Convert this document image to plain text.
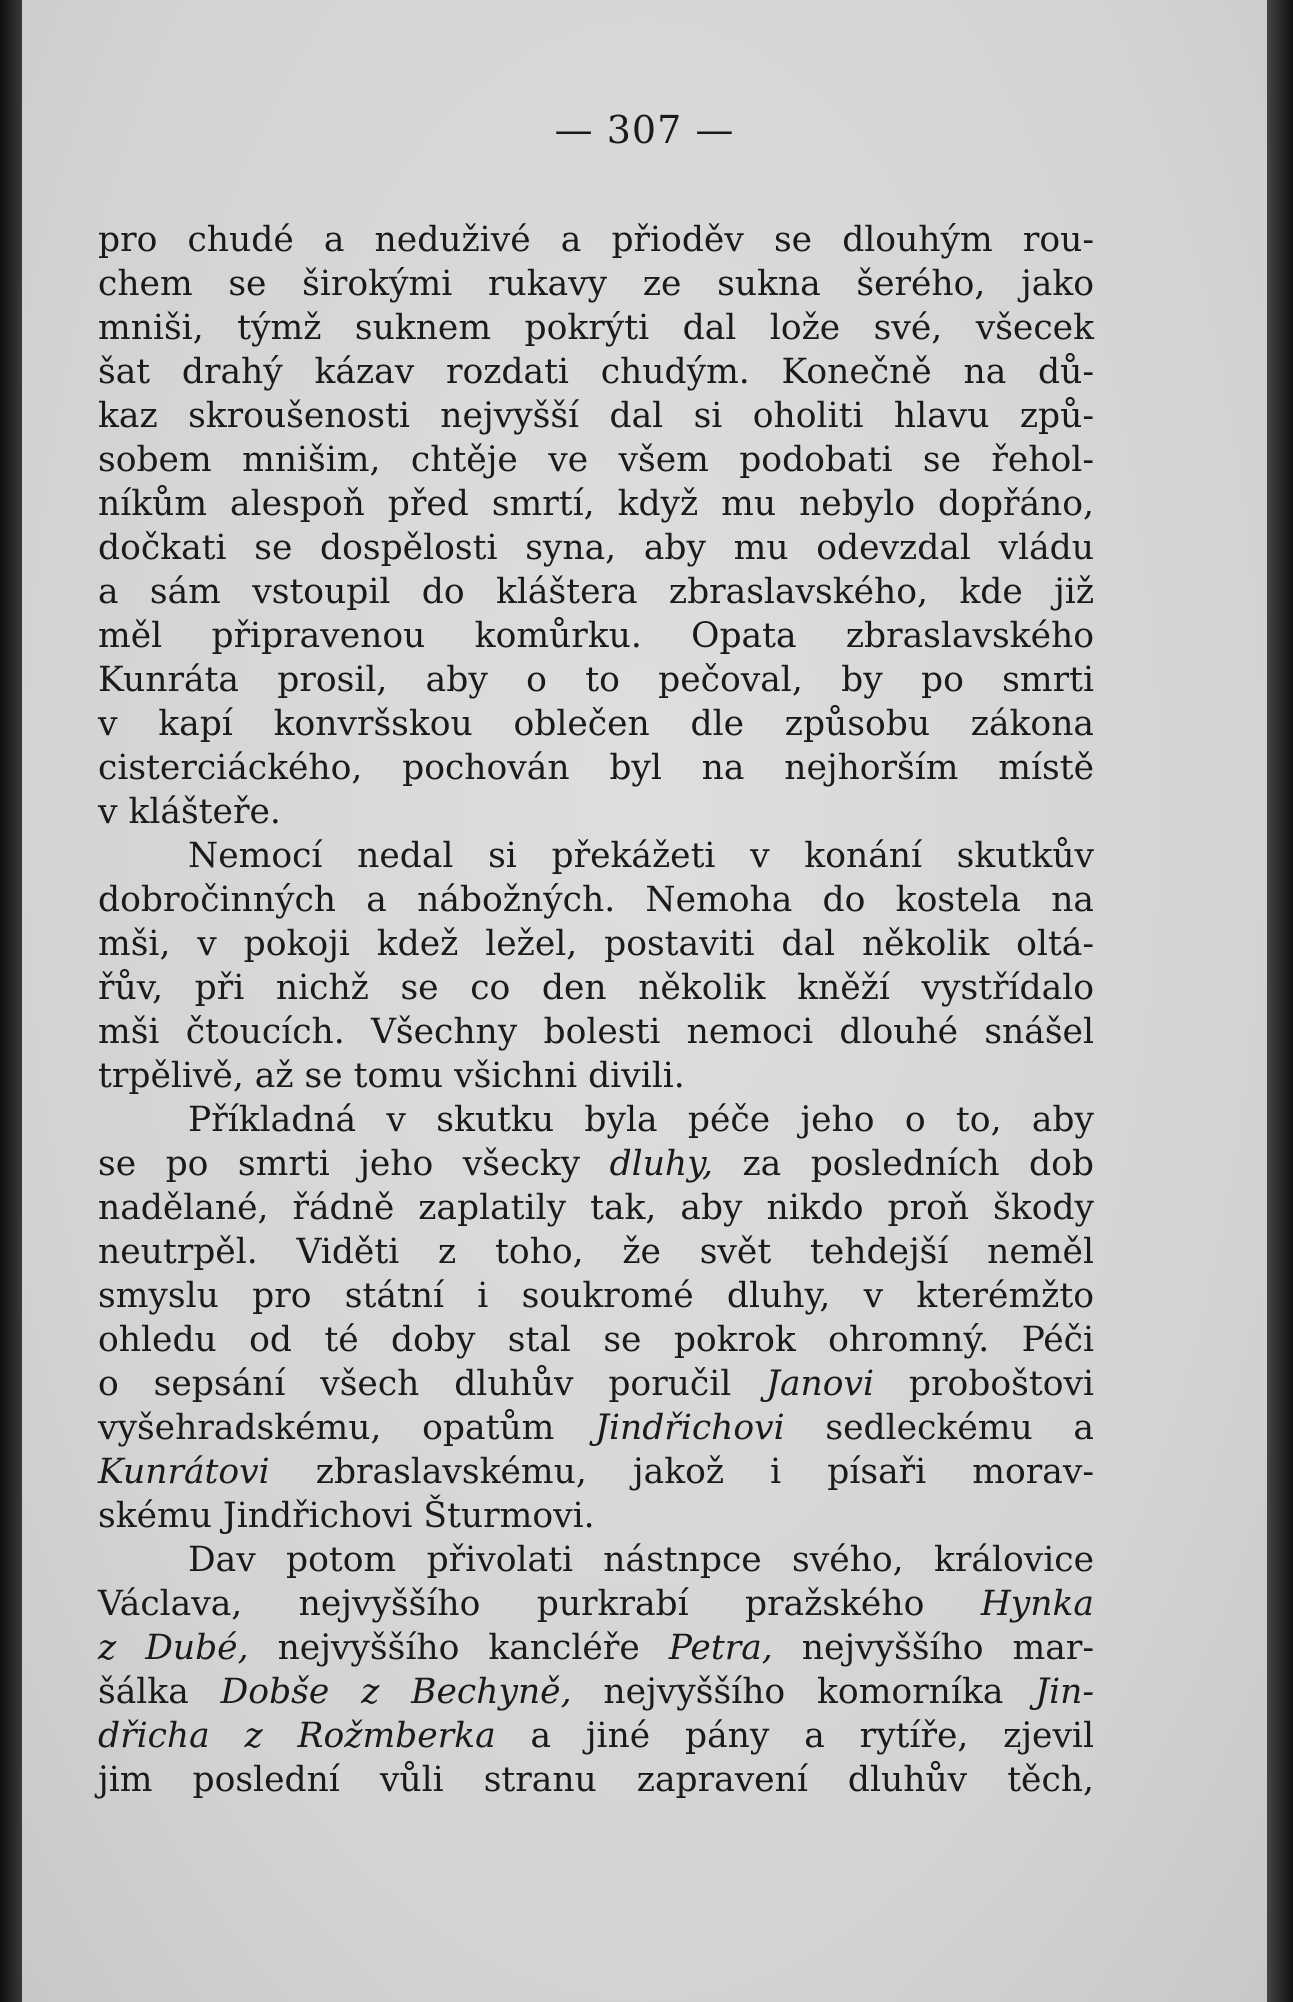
— 307 —
pro chudé a neduživé a přioděv se dlouhým rou-
chem se širokými rukavy ze sukna šerého, jako
mniši, týmž suknem pokrýti dal lože své, všecek
šat drahý kázav rozdati chudým. Konečně na dů-
kaz skroušenosti nejvyšší dal si oholiti hlavu způ-
sobem mnišim, chtěje ve všem podobati se řehol-
níkům alespoň před smrtí, když mu nebylo dopřáno,
dočkati se dospělosti syna, aby mu odevzdal vládu
a sám vstoupil do kláštera zbraslavského, kde již
měl připravenou komůrku. Opata zbraslavského
Kunráta prosil, aby o to pečoval, by po smrti
v kapí konvršskou oblečen dle způsobu zákona
cisterciáckého, pochován byl na nejhorším místě
v klášteře.
Nemocí nedal si překážeti v konání skutkův
dobročinných a nábožných. Nemoha do kostela na
mši, v pokoji kdež ležel, postaviti dal několik oltá-
řův, při nichž se co den několik kněží vystřídalo
mši čtoucích. Všechny bolesti nemoci dlouhé snášel
trpělivě, až se tomu všichni divili.
Příkladná v skutku byla péče jeho o to, aby
se po smrti jeho všecky dluhy, za posledních dob
nadělané, řádně zaplatily tak, aby nikdo proň škody
neutrpěl. Viděti z toho, že svět tehdejší neměl
smyslu pro státní i soukromé dluhy, v kterémžto
ohledu od té doby stal se pokrok ohromný. Péči
o sepsání všech dluhův poručil Janovi proboštovi
vyšehradskému, opatům Jindřichovi sedleckému a
Kunrátovi zbraslavskému, jakož i písaři morav-
skému Jindřichovi Šturmovi.
Dav potom přivolati nástnpce svého, královice
Václava, nejvyššího purkrabí pražského Hynka
z Dubé, nejvyššího kancléře Petra, nejvyššího mar-
šálka Dobše z Bechyně, nejvyššího komorníka Jin-
dřicha z Rožmberka a jiné pány a rytíře, zjevil
jim poslední vůli stranu zapravení dluhův těch,
